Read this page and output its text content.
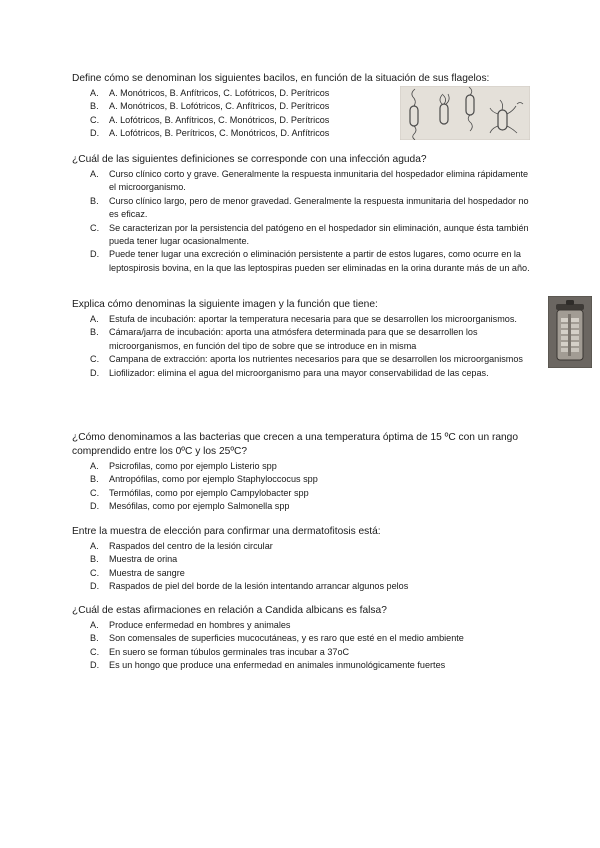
Define cómo se denominan los siguientes bacilos, en función de la situación de sus flagelos:

A. A. Monótricos, B. Anfítricos, C. Lofótricos, D. Perítricos
B. A. Monótricos, B. Lofótricos, C. Anfítricos, D. Perítricos
C. A. Lofótricos, B. Anfítricos, C. Monótricos, D. Perítricos
D. A. Lofótricos, B. Perítricos, C. Monótricos, D. Anfítricos

¿Cuál de las siguientes definiciones se corresponde con una infección aguda?

A. Curso clínico corto y grave. Generalmente la respuesta inmunitaria del hospedador elimina rápidamente el microorganismo.
B. Curso clínico largo, pero de menor gravedad. Generalmente la respuesta inmunitaria del hospedador no es eficaz.
C. Se caracterizan por la persistencia del patógeno en el hospedador sin eliminación, aunque ésta también pueda tener lugar ocasionalmente.
D. Puede tener lugar una excreción o eliminación persistente a partir de estos lugares, como ocurre en la leptospirosis bovina, en la que las leptospiras pueden ser eliminadas en la orina durante más de un año.

Explica cómo denominas la siguiente imagen y la función que tiene:

A. Estufa de incubación: aportar la temperatura necesaria para que se desarrollen los microorganismos.
B. Cámara/jarra de incubación: aporta una atmósfera determinada para que se desarrollen los microorganismos, en función del tipo de sobre que se introduce en in misma
C. Campana de extracción: aporta los nutrientes necesarios para que se desarrollen los microorganismos
D. Liofilizador: elimina el agua del microorganismo para una mayor conservabilidad de las cepas.

¿Cómo denominamos a las bacterias que crecen a una temperatura óptima de 15 ºC con un rango comprendido entre los 0ºC y los 25ºC?

A. Psicrofilas, como por ejemplo Listerio spp
B. Antropófilas, como por ejemplo Staphyloccocus spp
C. Termófilas, como por ejemplo Campylobacter spp
D. Mesófilas, como por ejemplo Salmonella spp

Entre la muestra de elección para confirmar una dermatofitosis está:

A. Raspados del centro de la lesión circular
B. Muestra de orina
C. Muestra de sangre
D. Raspados de piel del borde de la lesión intentando arrancar algunos pelos

¿Cuál de estas afirmaciones en relación a Candida albicans es falsa?

A. Produce enfermedad en hombres y animales
B. Son comensales de superficies mucocutáneas, y es raro que esté en el medio ambiente
C. En suero se forman túbulos germinales tras incubar a 37oC
D. Es un hongo que produce una enfermedad en animales inmunológicamente fuertes
